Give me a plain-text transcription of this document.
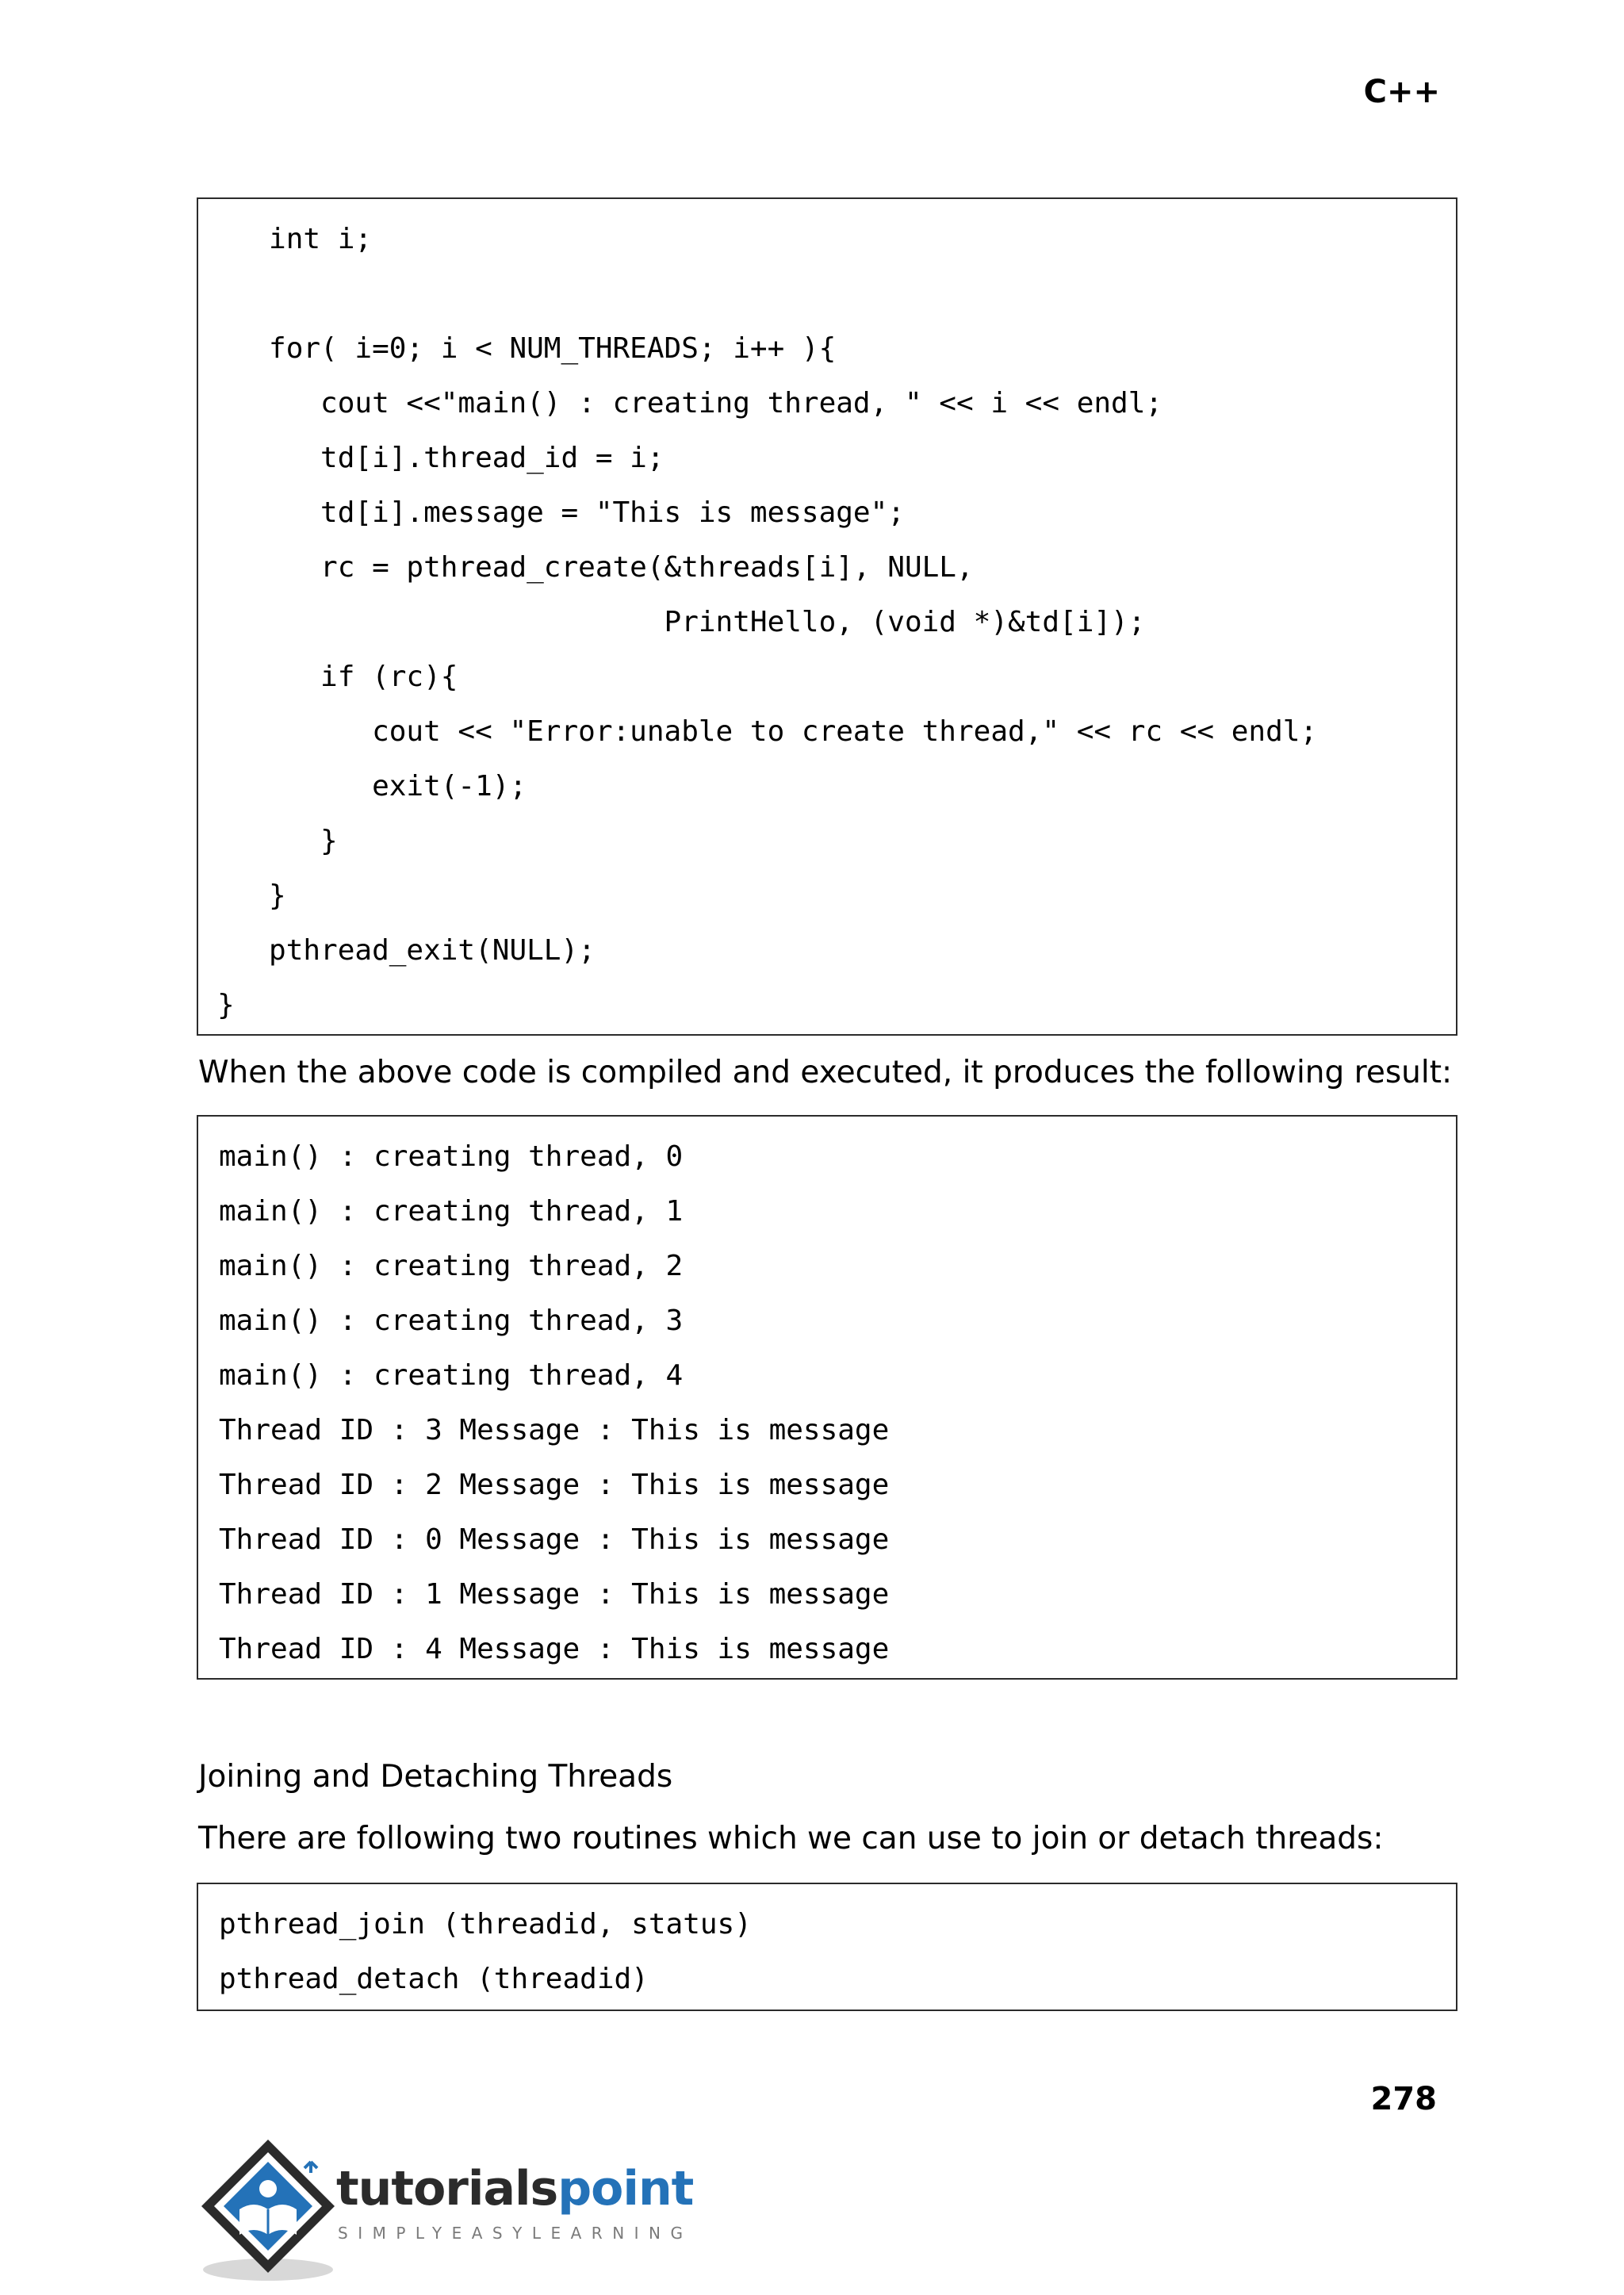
C++
int i;
for( i=0; i < NUM_THREADS; i++ ){
cout <<"main() : creating thread, " << i << endl;
td[i].thread_id = i;
td[i].message = "This is message";
rc = pthread_create(&threads[i], NULL,
PrintHello, (void *)&td[i]);
if (rc){
cout << "Error:unable to create thread," << rc << endl;
exit(-1);
}
}
pthread_exit(NULL);
}
When the above code is compiled and executed, it produces the following result:
main() : creating thread, 0
main() : creating thread, 1
main() : creating thread, 2
main() : creating thread, 3
main() : creating thread, 4
Thread ID : 3 Message : This is message
Thread ID : 2 Message : This is message
Thread ID : 0 Message : This is message
Thread ID : 1 Message : This is message
Thread ID : 4 Message : This is message
Joining and Detaching Threads
There are following two routines which we can use to join or detach threads:
pthread_join (threadid, status)
pthread_detach (threadid)
278
tutorialspoint
SIMPLYEASYLEARNING
